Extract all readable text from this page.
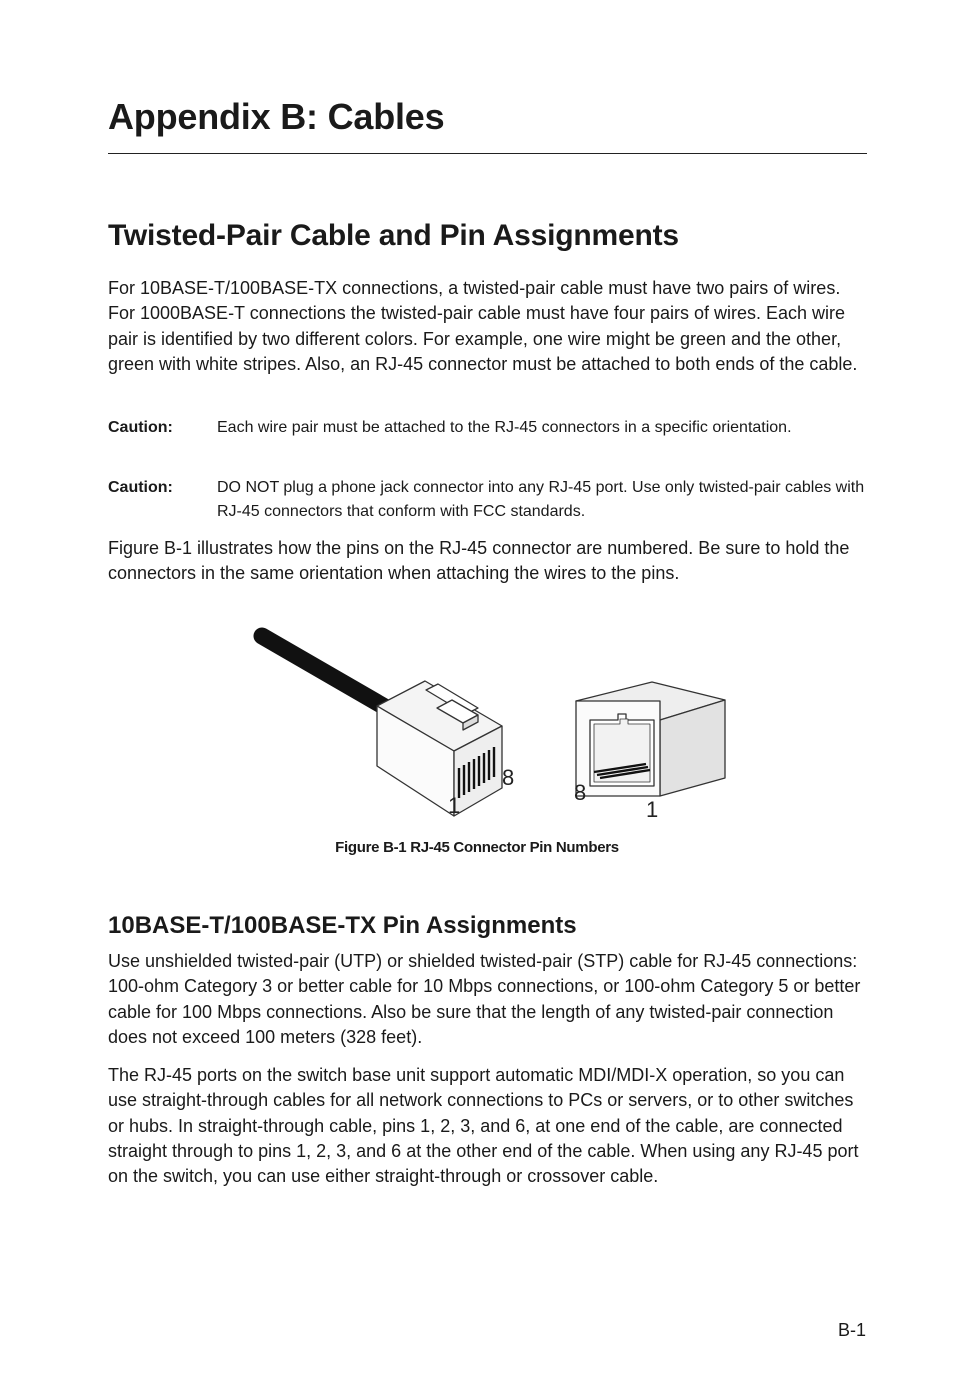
Appendix B: Cables
Twisted-Pair Cable and Pin Assignments

For 10BASE-T/100BASE-TX connections, a twisted-pair cable must have two pairs of wires. For 1000BASE-T connections the twisted-pair cable must have four pairs of wires. Each wire pair is identified by two different colors. For example, one wire might be green and the other, green with white stripes. Also, an RJ-45 connector must be attached to both ends of the cable.

Caution:	Each wire pair must be attached to the RJ-45 connectors in a specific orientation.
Caution:	DO NOT plug a phone jack connector into any RJ-45 port. Use only twisted-pair cables with RJ-45 connectors that conform with FCC standards.

Figure B-1 illustrates how the pins on the RJ-45 connector are numbered. Be sure to hold the connectors in the same orientation when attaching the wires to the pins.

1
8
8
1
Figure B-1 RJ-45 Connector Pin Numbers
10BASE-T/100BASE-TX Pin Assignments

Use unshielded twisted-pair (UTP) or shielded twisted-pair (STP) cable for RJ-45 connections: 100-ohm Category 3 or better cable for 10 Mbps connections, or 100-ohm Category 5 or better cable for 100 Mbps connections. Also be sure that the length of any twisted-pair connection does not exceed 100 meters (328 feet).

The RJ-45 ports on the switch base unit support automatic MDI/MDI-X operation, so you can use straight-through cables for all network connections to PCs or servers, or to other switches or hubs. In straight-through cable, pins 1, 2, 3, and 6, at one end of the cable, are connected straight through to pins 1, 2, 3, and 6 at the other end of the cable. When using any RJ-45 port on the switch, you can use either straight-through or crossover cable.

B-1
